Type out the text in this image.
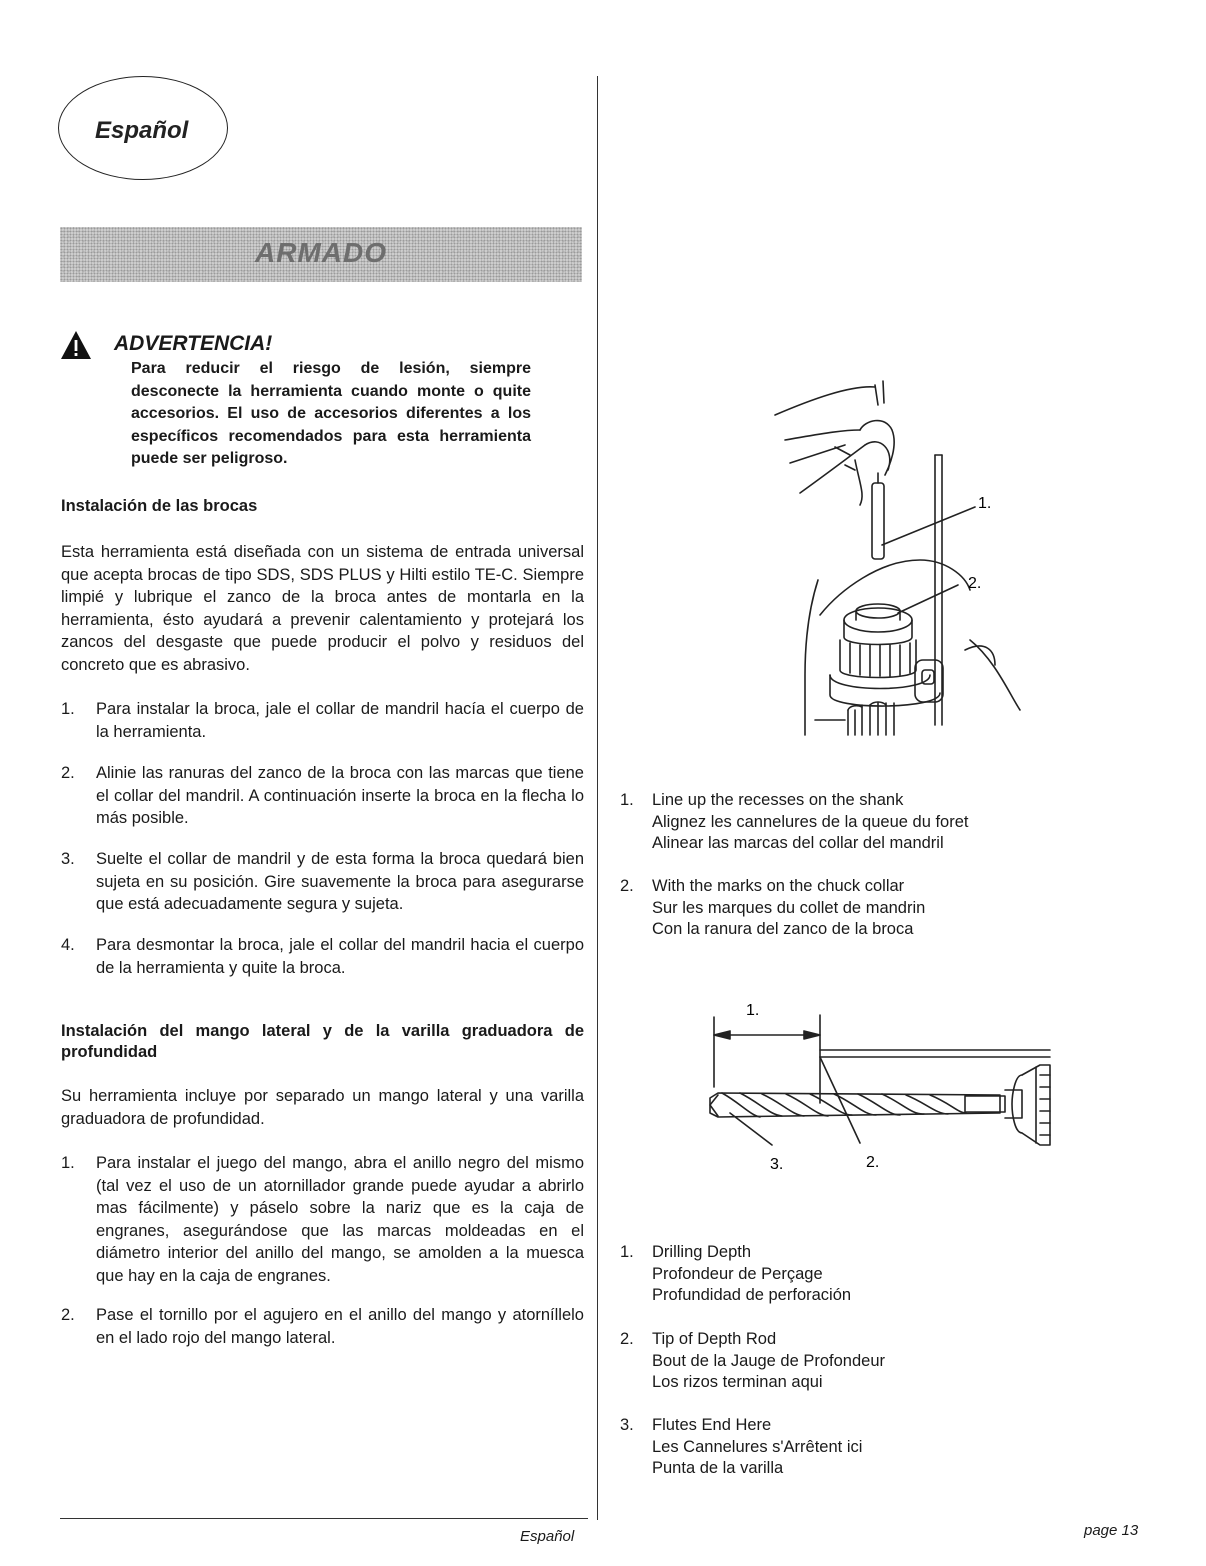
Español
ARMADO
ADVERTENCIA!

Para reducir el riesgo de lesión, siempre desconecte la herramienta cuando monte o quite accesorios. El uso de accesorios diferentes a los específicos recomendados para esta herramienta puede ser peligroso.

Instalación de las brocas

Esta herramienta está diseñada con un sistema de entrada universal que acepta brocas de tipo SDS, SDS PLUS y Hilti estilo TE-C. Siempre limpié y lubrique el zanco de la broca antes de montarla en la herramienta, ésto ayudará a prevenir calentamiento y protejará los zancos del desgaste que puede producir el polvo y residuos del concreto que es abrasivo.

1. Para instalar la broca, jale el collar de mandril hacía el cuerpo de la herramienta.

2. Alinie las ranuras del zanco de la broca con las marcas que tiene el collar del mandril. A continuación inserte la broca en la flecha lo más posible.

3. Suelte el collar de mandril y de esta forma la broca quedará bien sujeta en su posición. Gire suavemente la broca para asegurarse que está adecuadamente segura y sujeta.

4. Para desmontar la broca, jale el collar del mandril hacia el cuerpo de la herramienta y quite la broca.

Instalación del mango lateral y de la varilla graduadora de profundidad

Su herramienta incluye por separado un mango lateral y una varilla graduadora de profundidad.

1. Para instalar el juego del mango, abra el anillo negro del mismo (tal vez el uso de un atornillador grande puede ayudar a abrirlo mas fácilmente) y páselo sobre la nariz que es la caja de engranes, asegurándose que las marcas moldeadas en el diámetro interior del anillo del mango, se amolden a la muesca que hay en la caja de engranes.

2. Pase el tornillo por el agujero en el anillo del mango y atorníllelo en el lado rojo del mango lateral.

1.
2.
1. Line up the recesses on the shank
Alignez les cannelures de la queue du foret
Alinear las marcas del collar del mandril
2. With the marks on the chuck collar
Sur les marques du collet de mandrin
Con la ranura del zanco de la broca
1.
2.
3.
1. Drilling Depth
Profondeur de Perçage
Profundidad de perforación
2. Tip of Depth Rod
Bout de la Jauge de Profondeur
Los rizos terminan aqui
3. Flutes End Here
Les Cannelures s'Arrêtent ici
Punta de la varilla
Español	page 13
